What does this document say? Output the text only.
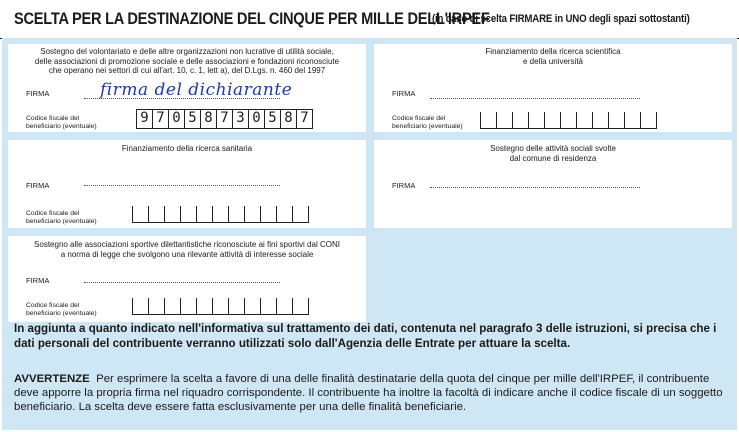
SCELTA PER LA DESTINAZIONE DEL CINQUE PER MILLE DELL'IRPEF
(in caso di scelta FIRMARE in UNO degli spazi sottostanti)
Sostegno del volontariato e delle altre organizzazioni non lucrative di utilità sociale,
delle associazioni di promozione sociale e delle associazioni e fondazioni riconosciute
che operano nei settori di cui all'art. 10, c. 1, lett a), del D.Lgs. n. 460 del 1997
FIRMA	firma del dichiarante
Codice fiscale del
beneficiario (eventuale)
9 7 0 5 8 7 3 0 5 8 7
Finanziamento della ricerca scientifica
e della università
FIRMA
Codice fiscale del
beneficiario (eventuale)
Finanziamento della ricerca sanitaria
FIRMA
Codice fiscale del
beneficiario (eventuale)
Sostegno delle attività sociali svolte
dal comune di residenza
FIRMA
Sostegno alle associazioni sportive dilettantistiche riconosciute ai fini sportivi dal CONI
a norma di legge che svolgono una rilevante attività di interesse sociale
FIRMA
Codice fiscale del
beneficiario (eventuale)
In aggiunta a quanto indicato nell'informativa sul trattamento dei dati, contenuta nel paragrafo 3 delle istruzioni, si precisa che i dati personali del contribuente verranno utilizzati solo dall'Agenzia delle Entrate per attuare la scelta.
AVVERTENZE Per esprimere la scelta a favore di una delle finalità destinatarie della quota del cinque per mille dell'IRPEF, il contribuente deve apporre la propria firma nel riquadro corrispondente. Il contribuente ha inoltre la facoltà di indicare anche il codice fiscale di un soggetto beneficiario. La scelta deve essere fatta esclusivamente per una delle finalità beneficiarie.
